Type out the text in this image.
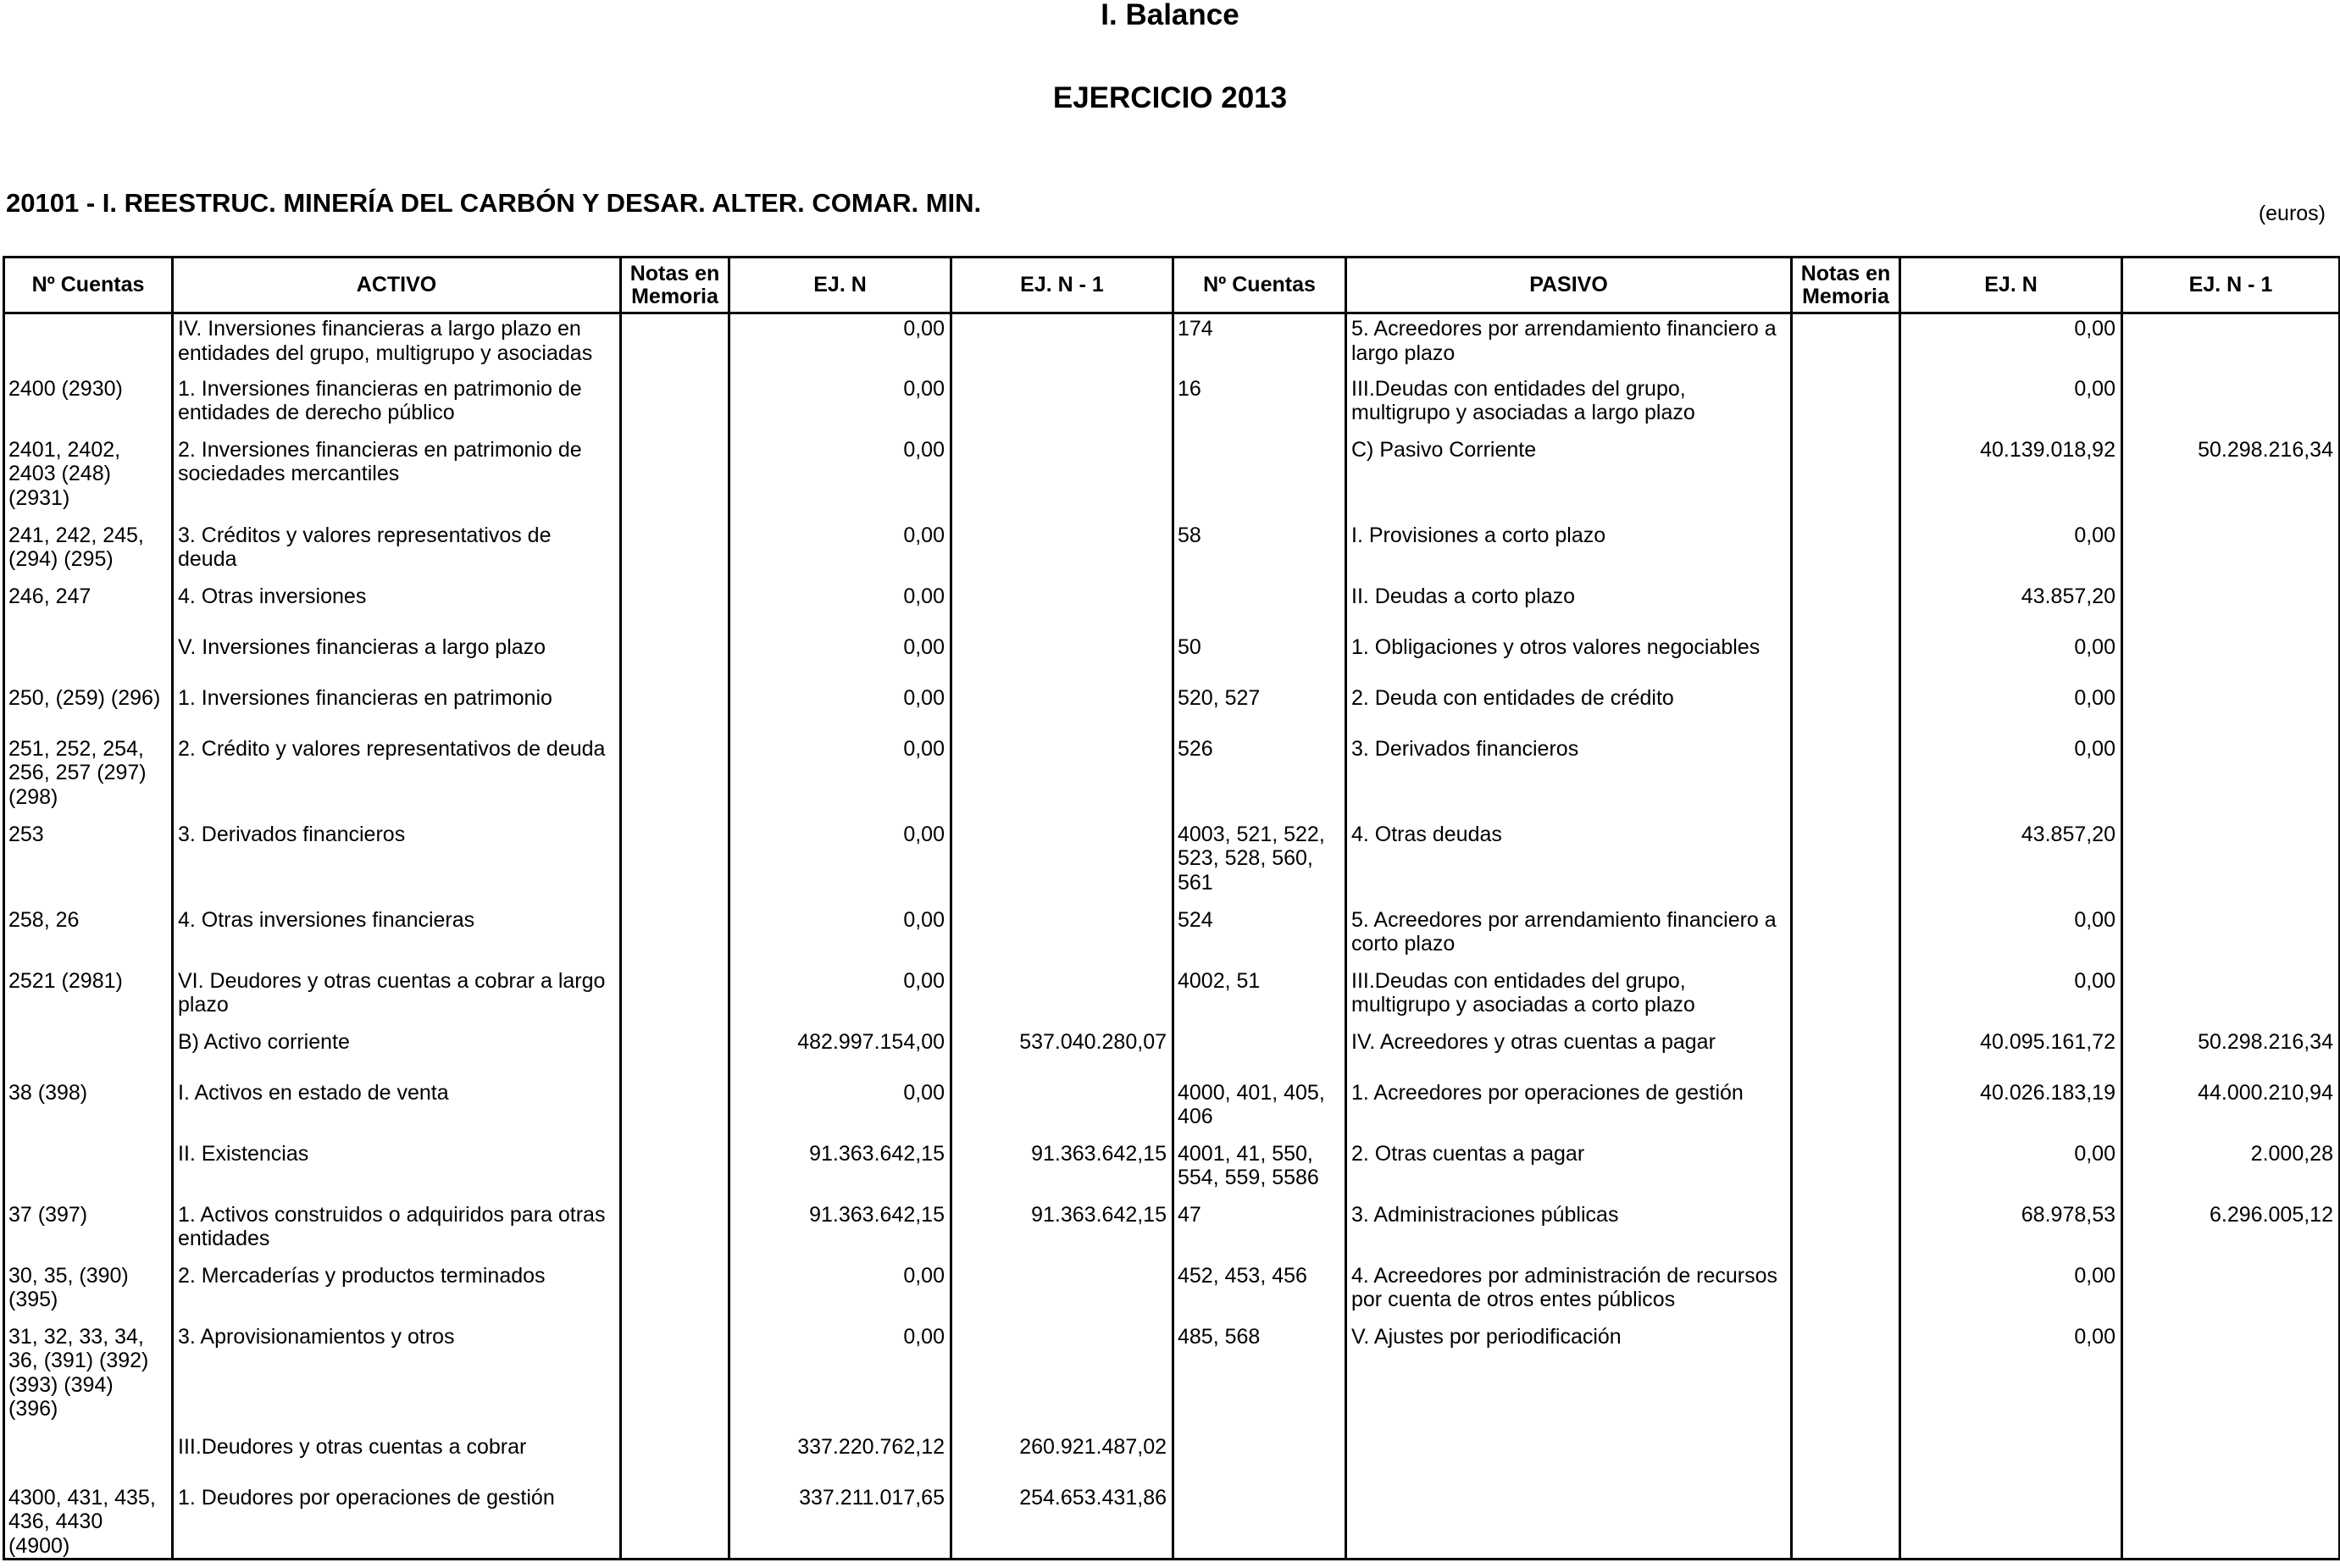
I. Balance
EJERCICIO 2013
20101 - I. REESTRUC. MINERÍA DEL CARBÓN Y DESAR. ALTER. COMAR. MIN.	(euros)
Nº Cuentas	ACTIVO	Notas en Memoria	EJ. N	EJ. N - 1	Nº Cuentas	PASIVO	Notas en Memoria	EJ. N	EJ. N - 1
	IV. Inversiones financieras a largo plazo en entidades del grupo, multigrupo y asociadas		0,00		174	5. Acreedores por arrendamiento financiero a largo plazo		0,00	
2400 (2930)	1. Inversiones financieras en patrimonio de entidades de derecho público		0,00		16	III.Deudas con entidades del grupo, multigrupo y asociadas a largo plazo		0,00	
2401, 2402, 2403 (248) (2931)	2. Inversiones financieras en patrimonio de sociedades mercantiles		0,00			C) Pasivo Corriente		40.139.018,92	50.298.216,34
241, 242, 245, (294) (295)	3. Créditos y valores representativos de deuda		0,00		58	I. Provisiones a corto plazo		0,00	
246, 247	4. Otras inversiones		0,00			II. Deudas a corto plazo		43.857,20	
	V. Inversiones financieras a largo plazo		0,00		50	1. Obligaciones y otros valores negociables		0,00	
250, (259) (296)	1. Inversiones financieras en patrimonio		0,00		520, 527	2. Deuda con entidades de crédito		0,00	
251, 252, 254, 256, 257 (297) (298)	2. Crédito y valores representativos de deuda		0,00		526	3. Derivados financieros		0,00	
253	3. Derivados financieros		0,00		4003, 521, 522, 523, 528, 560, 561	4. Otras deudas		43.857,20	
258, 26	4. Otras inversiones financieras		0,00		524	5. Acreedores por arrendamiento financiero a corto plazo		0,00	
2521 (2981)	VI. Deudores y otras cuentas a cobrar a largo plazo		0,00		4002, 51	III.Deudas con entidades del grupo, multigrupo y asociadas a corto plazo		0,00	
	B) Activo corriente		482.997.154,00	537.040.280,07		IV. Acreedores y otras cuentas a pagar		40.095.161,72	50.298.216,34
38 (398)	I. Activos en estado de venta		0,00		4000, 401, 405, 406	1. Acreedores por operaciones de gestión		40.026.183,19	44.000.210,94
	II. Existencias		91.363.642,15	91.363.642,15	4001, 41, 550, 554, 559, 5586	2. Otras cuentas a pagar		0,00	2.000,28
37 (397)	1. Activos construidos o adquiridos para otras entidades		91.363.642,15	91.363.642,15	47	3. Administraciones públicas		68.978,53	6.296.005,12
30, 35, (390) (395)	2. Mercaderías y productos terminados		0,00		452, 453, 456	4. Acreedores por administración de recursos por cuenta de otros entes públicos		0,00	
31, 32, 33, 34, 36, (391) (392) (393) (394) (396)	3. Aprovisionamientos y otros		0,00		485, 568	V. Ajustes por periodificación		0,00	
	III.Deudores y otras cuentas a cobrar		337.220.762,12	260.921.487,02					
4300, 431, 435, 436, 4430 (4900)	1. Deudores por operaciones de gestión		337.211.017,65	254.653.431,86					
